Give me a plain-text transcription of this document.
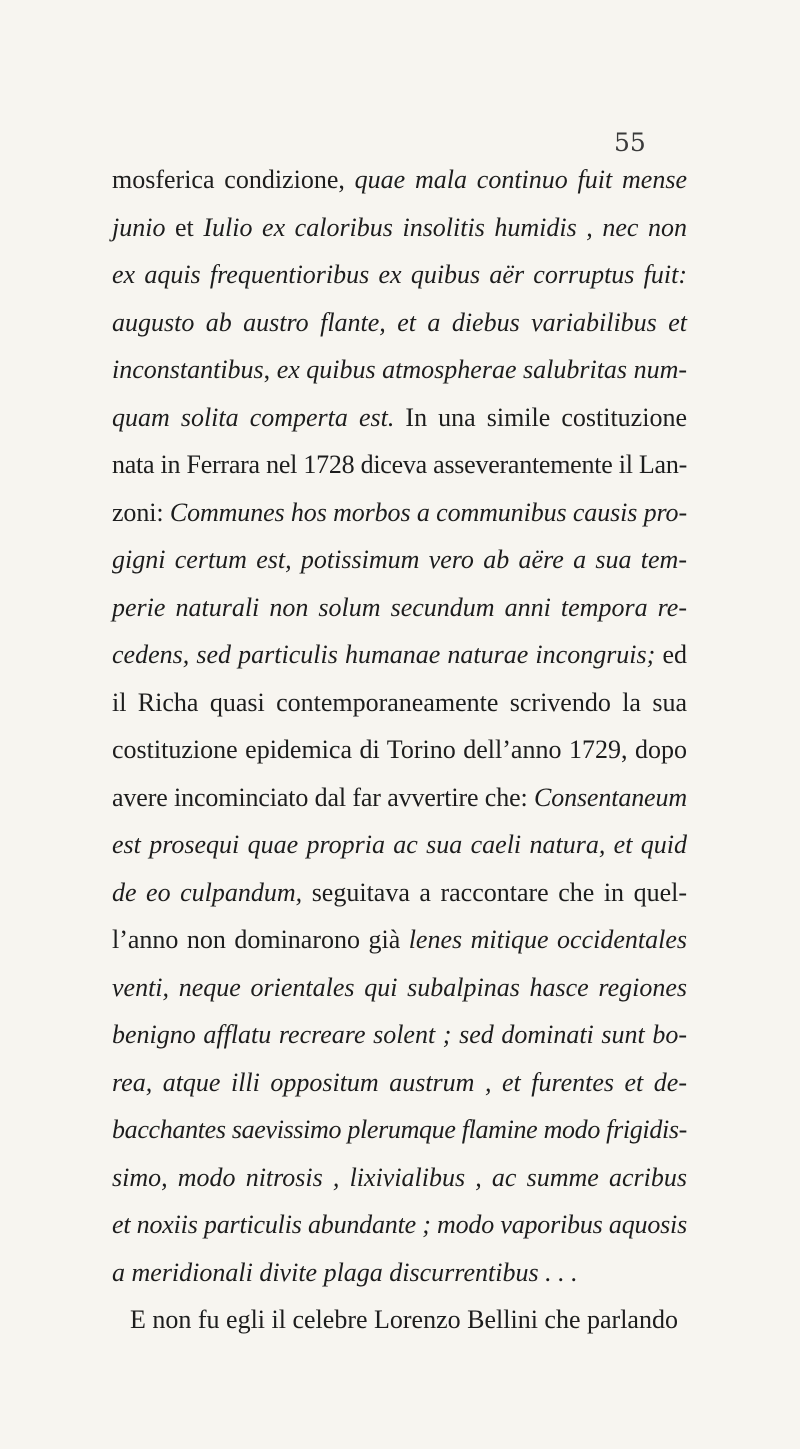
55
mosferica condizione, quae mala continuo fuit mense
junio et Iulio ex caloribus insolitis humidis , nec non
ex aquis frequentioribus ex quibus aër corruptus fuit:
augusto ab austro flante, et a diebus variabilibus et
inconstantibus, ex quibus atmospherae salubritas num-
quam solita comperta est. In una simile costituzione
nata in Ferrara nel 1728 diceva asseverantemente il Lan-
zoni: Communes hos morbos a communibus causis pro-
gigni certum est, potissimum vero ab aëre a sua tem-
perie naturali non solum secundum anni tempora re-
cedens, sed particulis humanae naturae incongruis; ed
il Richa quasi contemporaneamente scrivendo la sua
costituzione epidemica di Torino dell’anno 1729, dopo
avere incominciato dal far avvertire che: Consentaneum
est prosequi quae propria ac sua caeli natura, et quid
de eo culpandum, seguitava a raccontare che in quel-
l’anno non dominarono già lenes mitique occidentales
venti, neque orientales qui subalpinas hasce regiones
benigno afflatu recreare solent ; sed dominati sunt bo-
rea, atque illi oppositum austrum , et furentes et de-
bacchantes saevissimo plerumque flamine modo frigidis-
simo, modo nitrosis , lixivialibus , ac summe acribus
et noxiis particulis abundante ; modo vaporibus aquosis
a meridionali divite plaga discurrentibus . . .
E non fu egli il celebre Lorenzo Bellini che parlando
